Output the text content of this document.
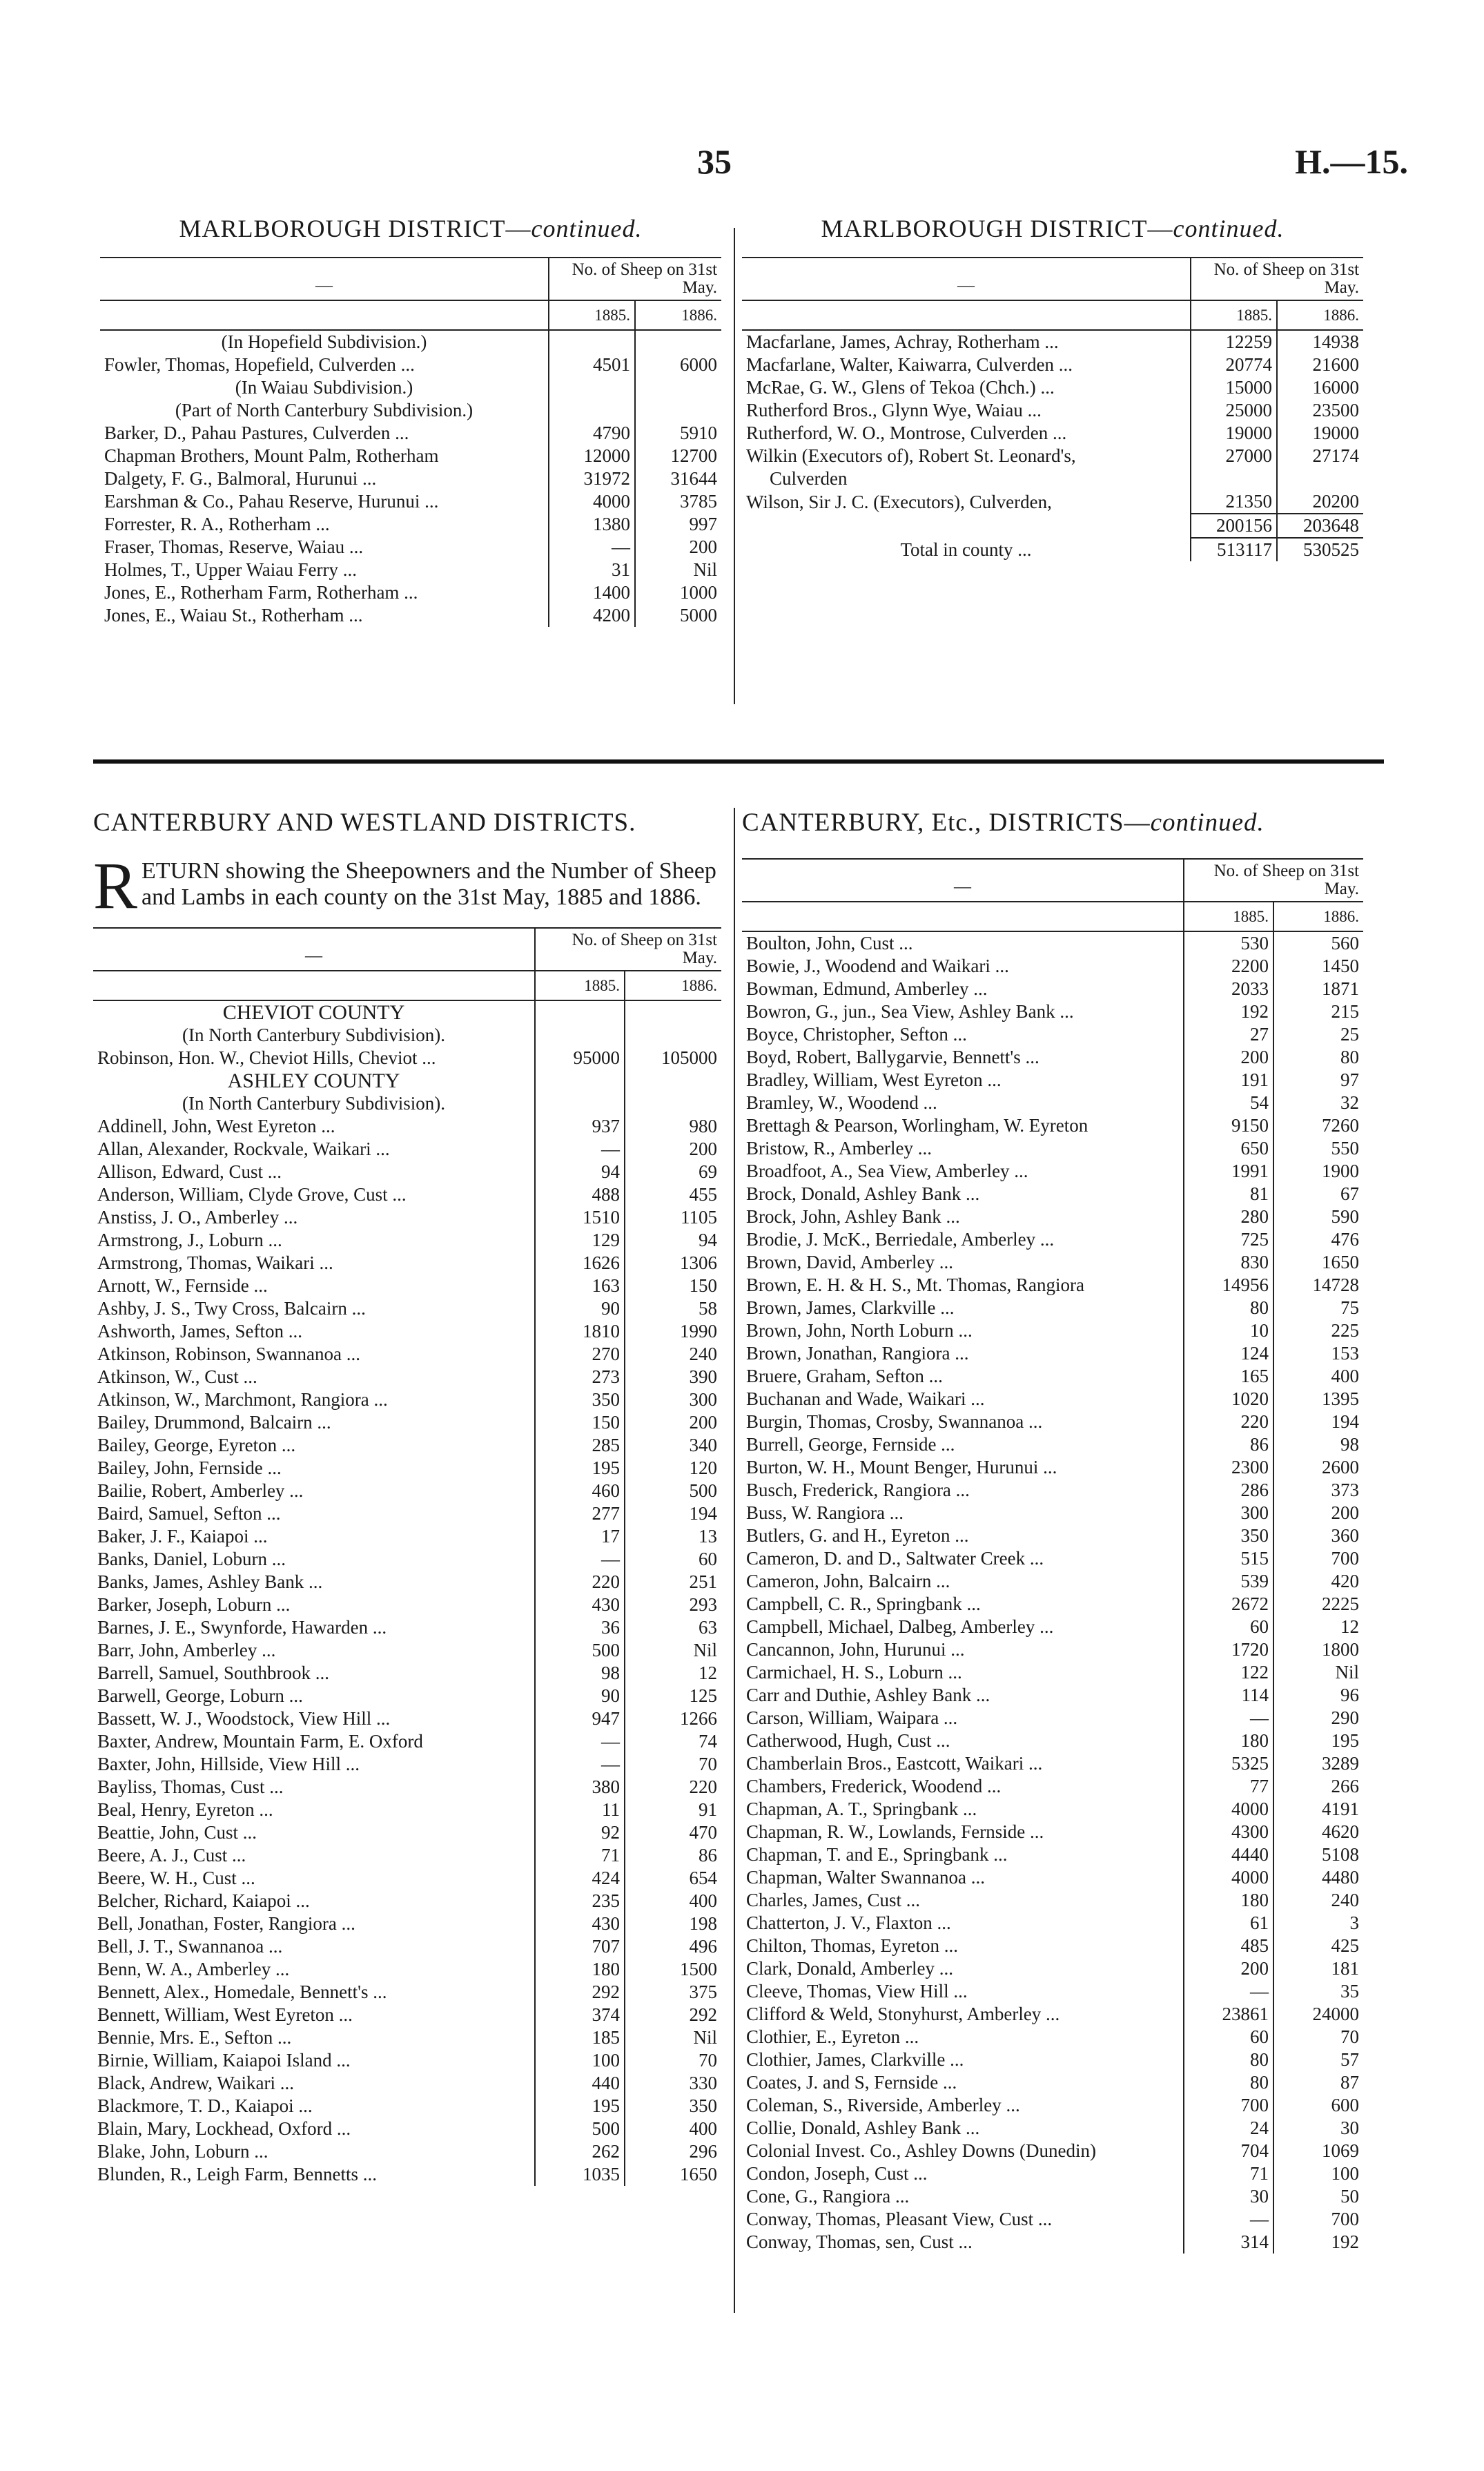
35	H.—15.
MARLBOROUGH DISTRICT—continued.
—	No. of Sheep on 31st May.	
	1885.	1886.
(In Hopefield Subdivision.)		
Fowler, Thomas, Hopefield, Culverden ...	4501	6000
(In Waiau Subdivision.)		
(Part of North Canterbury Subdivision.)		
Barker, D., Pahau Pastures, Culverden ...	4790	5910
Chapman Brothers, Mount Palm, Rotherham	12000	12700
Dalgety, F. G., Balmoral, Hurunui ...	31972	31644
Earshman & Co., Pahau Reserve, Hurunui ...	4000	3785
Forrester, R. A., Rotherham ...	1380	997
Fraser, Thomas, Reserve, Waiau ...	—	200
Holmes, T., Upper Waiau Ferry ...	31	Nil
Jones, E., Rotherham Farm, Rotherham ...	1400	1000
Jones, E., Waiau St., Rotherham ...	4200	5000
MARLBOROUGH DISTRICT—continued.
—	No. of Sheep on 31st May.	
	1885.	1886.
Macfarlane, James, Achray, Rotherham ...	12259	14938
Macfarlane, Walter, Kaiwarra, Culverden ...	20774	21600
McRae, G. W., Glens of Tekoa (Chch.) ...	15000	16000
Rutherford Bros., Glynn Wye, Waiau ...	25000	23500
Rutherford, W. O., Montrose, Culverden ...	19000	19000
Wilkin (Executors of), Robert St. Leonard's,	27000	27174
Culverden		
Wilson, Sir J. C. (Executors), Culverden,	21350	20200
	200156	203648
Total in county ...	513117	530525
CANTERBURY AND WESTLAND DISTRICTS.
RETURN showing the Sheepowners and the Number of Sheep and Lambs in each county on the 31st May, 1885 and 1886.
—	No. of Sheep on 31st May.	
	1885.	1886.
CHEVIOT COUNTY		
(In North Canterbury Subdivision).		
Robinson, Hon. W., Cheviot Hills, Cheviot ...	95000	105000
ASHLEY COUNTY		
(In North Canterbury Subdivision).		
Addinell, John, West Eyreton ...	937	980
Allan, Alexander, Rockvale, Waikari ...	—	200
Allison, Edward, Cust ...	94	69
Anderson, William, Clyde Grove, Cust ...	488	455
Anstiss, J. O., Amberley ...	1510	1105
Armstrong, J., Loburn ...	129	94
Armstrong, Thomas, Waikari ...	1626	1306
Arnott, W., Fernside ...	163	150
Ashby, J. S., Twy Cross, Balcairn ...	90	58
Ashworth, James, Sefton ...	1810	1990
Atkinson, Robinson, Swannanoa ...	270	240
Atkinson, W., Cust ...	273	390
Atkinson, W., Marchmont, Rangiora ...	350	300
Bailey, Drummond, Balcairn ...	150	200
Bailey, George, Eyreton ...	285	340
Bailey, John, Fernside ...	195	120
Bailie, Robert, Amberley ...	460	500
Baird, Samuel, Sefton ...	277	194
Baker, J. F., Kaiapoi ...	17	13
Banks, Daniel, Loburn ...	—	60
Banks, James, Ashley Bank ...	220	251
Barker, Joseph, Loburn ...	430	293
Barnes, J. E., Swynforde, Hawarden ...	36	63
Barr, John, Amberley ...	500	Nil
Barrell, Samuel, Southbrook ...	98	12
Barwell, George, Loburn ...	90	125
Bassett, W. J., Woodstock, View Hill ...	947	1266
Baxter, Andrew, Mountain Farm, E. Oxford	—	74
Baxter, John, Hillside, View Hill ...	—	70
Bayliss, Thomas, Cust ...	380	220
Beal, Henry, Eyreton ...	11	91
Beattie, John, Cust ...	92	470
Beere, A. J., Cust ...	71	86
Beere, W. H., Cust ...	424	654
Belcher, Richard, Kaiapoi ...	235	400
Bell, Jonathan, Foster, Rangiora ...	430	198
Bell, J. T., Swannanoa ...	707	496
Benn, W. A., Amberley ...	180	1500
Bennett, Alex., Homedale, Bennett's ...	292	375
Bennett, William, West Eyreton ...	374	292
Bennie, Mrs. E., Sefton ...	185	Nil
Birnie, William, Kaiapoi Island ...	100	70
Black, Andrew, Waikari ...	440	330
Blackmore, T. D., Kaiapoi ...	195	350
Blain, Mary, Lockhead, Oxford ...	500	400
Blake, John, Loburn ...	262	296
Blunden, R., Leigh Farm, Bennetts ...	1035	1650
CANTERBURY, Etc., DISTRICTS—continued.
—	No. of Sheep on 31st May.	
	1885.	1886.
Boulton, John, Cust ...	530	560
Bowie, J., Woodend and Waikari ...	2200	1450
Bowman, Edmund, Amberley ...	2033	1871
Bowron, G., jun., Sea View, Ashley Bank ...	192	215
Boyce, Christopher, Sefton ...	27	25
Boyd, Robert, Ballygarvie, Bennett's ...	200	80
Bradley, William, West Eyreton ...	191	97
Bramley, W., Woodend ...	54	32
Brettagh & Pearson, Worlingham, W. Eyreton	9150	7260
Bristow, R., Amberley ...	650	550
Broadfoot, A., Sea View, Amberley ...	1991	1900
Brock, Donald, Ashley Bank ...	81	67
Brock, John, Ashley Bank ...	280	590
Brodie, J. McK., Berriedale, Amberley ...	725	476
Brown, David, Amberley ...	830	1650
Brown, E. H. & H. S., Mt. Thomas, Rangiora	14956	14728
Brown, James, Clarkville ...	80	75
Brown, John, North Loburn ...	10	225
Brown, Jonathan, Rangiora ...	124	153
Bruere, Graham, Sefton ...	165	400
Buchanan and Wade, Waikari ...	1020	1395
Burgin, Thomas, Crosby, Swannanoa ...	220	194
Burrell, George, Fernside ...	86	98
Burton, W. H., Mount Benger, Hurunui ...	2300	2600
Busch, Frederick, Rangiora ...	286	373
Buss, W. Rangiora ...	300	200
Butlers, G. and H., Eyreton ...	350	360
Cameron, D. and D., Saltwater Creek ...	515	700
Cameron, John, Balcairn ...	539	420
Campbell, C. R., Springbank ...	2672	2225
Campbell, Michael, Dalbeg, Amberley ...	60	12
Cancannon, John, Hurunui ...	1720	1800
Carmichael, H. S., Loburn ...	122	Nil
Carr and Duthie, Ashley Bank ...	114	96
Carson, William, Waipara ...	—	290
Catherwood, Hugh, Cust ...	180	195
Chamberlain Bros., Eastcott, Waikari ...	5325	3289
Chambers, Frederick, Woodend ...	77	266
Chapman, A. T., Springbank ...	4000	4191
Chapman, R. W., Lowlands, Fernside ...	4300	4620
Chapman, T. and E., Springbank ...	4440	5108
Chapman, Walter Swannanoa ...	4000	4480
Charles, James, Cust ...	180	240
Chatterton, J. V., Flaxton ...	61	3
Chilton, Thomas, Eyreton ...	485	425
Clark, Donald, Amberley ...	200	181
Cleeve, Thomas, View Hill ...	—	35
Clifford & Weld, Stonyhurst, Amberley ...	23861	24000
Clothier, E., Eyreton ...	60	70
Clothier, James, Clarkville ...	80	57
Coates, J. and S, Fernside ...	80	87
Coleman, S., Riverside, Amberley ...	700	600
Collie, Donald, Ashley Bank ...	24	30
Colonial Invest. Co., Ashley Downs (Dunedin)	704	1069
Condon, Joseph, Cust ...	71	100
Cone, G., Rangiora ...	30	50
Conway, Thomas, Pleasant View, Cust ...	—	700
Conway, Thomas, sen, Cust ...	314	192
